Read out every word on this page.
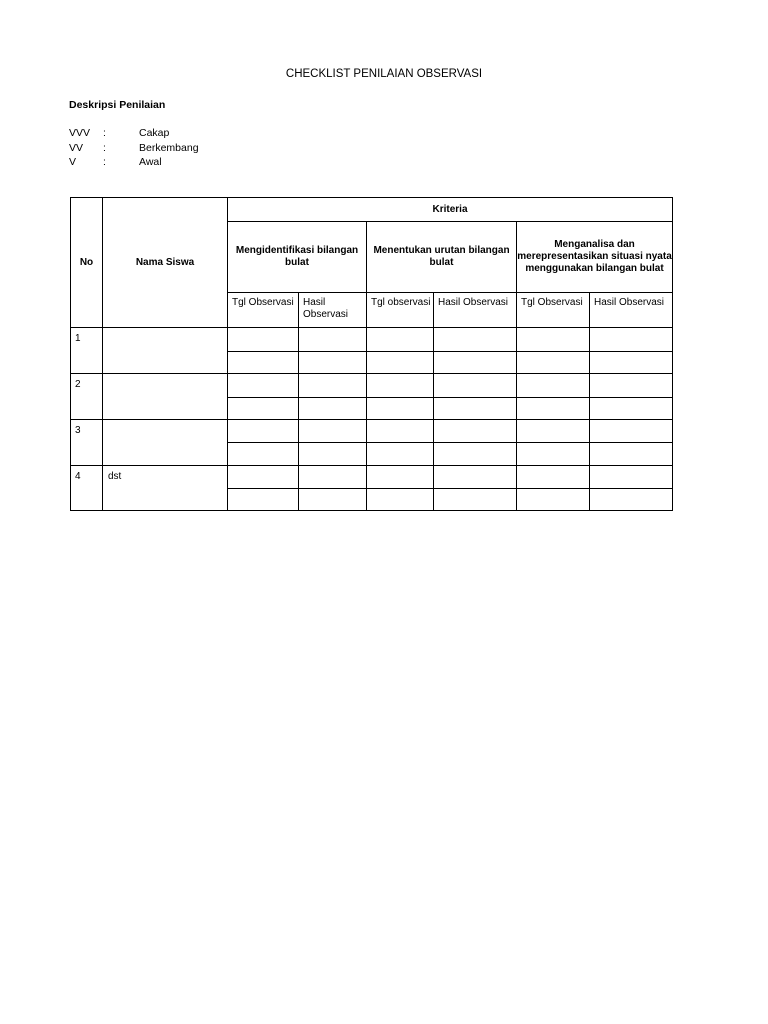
CHECKLIST PENILAIAN OBSERVASI
Deskripsi Penilaian
VVV	:	Cakap
VV	:	Berkembang
V	:	Awal
No	Nama Siswa	Kriteria					
		Mengidentifikasi bilangan bulat		Menentukan urutan bilangan bulat		Menganalisa dan merepresentasikan situasi nyata menggunakan bilangan bulat	
		Tgl Observasi	Hasil Observasi	Tgl observasi	Hasil Observasi	Tgl Observasi	Hasil Observasi
1							

2							

3							

4	dst						
